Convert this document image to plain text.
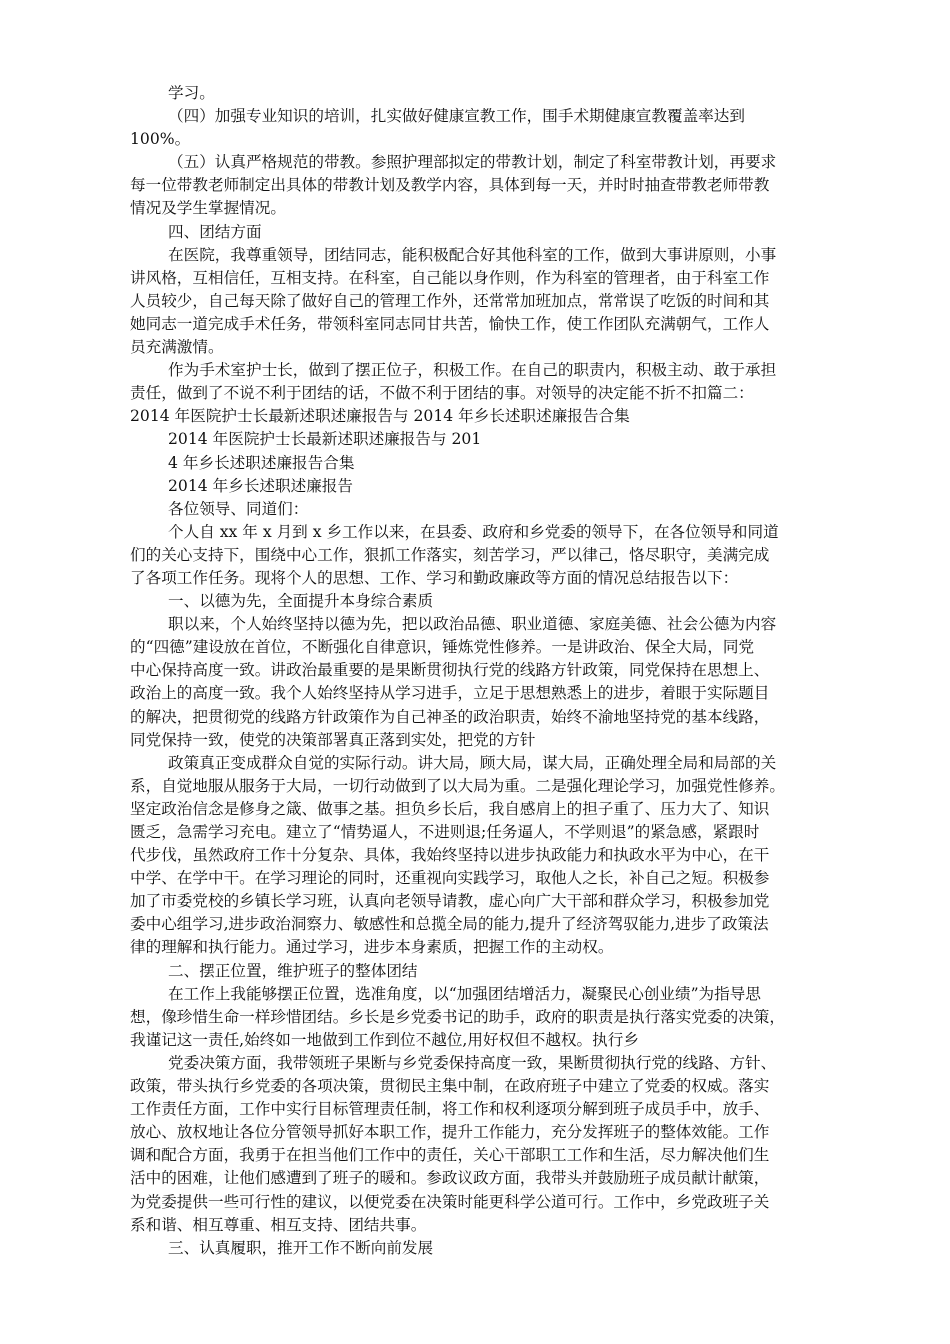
学习。
（四）加强专业知识的培训，扎实做好健康宣教工作，围手术期健康宣教覆盖率达到
100%。
（五）认真严格规范的带教。参照护理部拟定的带教计划，制定了科室带教计划，再要求
每一位带教老师制定出具体的带教计划及教学内容，具体到每一天，并时时抽查带教老师带教
情况及学生掌握情况。
四、团结方面
在医院，我尊重领导，团结同志，能积极配合好其他科室的工作，做到大事讲原则，小事
讲风格，互相信任，互相支持。在科室，自己能以身作则，作为科室的管理者，由于科室工作
人员较少，自己每天除了做好自己的管理工作外，还常常加班加点，常常误了吃饭的时间和其
她同志一道完成手术任务，带领科室同志同甘共苦，愉快工作，使工作团队充满朝气，工作人
员充满激情。
作为手术室护士长，做到了摆正位子，积极工作。在自己的职责内，积极主动、敢于承担
责任，做到了不说不利于团结的话，不做不利于团结的事。对领导的决定能不折不扣篇二：
2014 年医院护士长最新述职述廉报告与 2014 年乡长述职述廉报告合集
2014 年医院护士长最新述职述廉报告与 201
4 年乡长述职述廉报告合集
2014 年乡长述职述廉报告
各位领导、同道们：
个人自 xx 年 x 月到 x 乡工作以来，在县委、政府和乡党委的领导下，在各位领导和同道
们的关心支持下，围绕中心工作，狠抓工作落实，刻苦学习，严以律己，恪尽职守，美满完成
了各项工作任务。现将个人的思想、工作、学习和勤政廉政等方面的情况总结报告以下：
一、以德为先，全面提升本身综合素质
职以来，个人始终坚持以德为先，把以政治品德、职业道德、家庭美德、社会公德为内容
的“四德”建设放在首位，不断强化自律意识，锤炼党性修养。一是讲政治、保全大局，同党
中心保持高度一致。讲政治最重要的是果断贯彻执行党的线路方针政策，同党保持在思想上、
政治上的高度一致。我个人始终坚持从学习进手，立足于思想熟悉上的进步，着眼于实际题目
的解决，把贯彻党的线路方针政策作为自己神圣的政治职责，始终不渝地坚持党的基本线路，
同党保持一致，使党的决策部署真正落到实处，把党的方针
政策真正变成群众自觉的实际行动。讲大局，顾大局，谋大局，正确处理全局和局部的关
系，自觉地服从服务于大局，一切行动做到了以大局为重。二是强化理论学习，加强党性修养。
坚定政治信念是修身之箴、做事之基。担负乡长后，我自感肩上的担子重了、压力大了、知识
匮乏，急需学习充电。建立了“情势逼人，不进则退;任务逼人，不学则退”的紧急感，紧跟时
代步伐，虽然政府工作十分复杂、具体，我始终坚持以进步执政能力和执政水平为中心，在干
中学、在学中干。在学习理论的同时，还重视向实践学习，取他人之长，补自己之短。积极参
加了市委党校的乡镇长学习班，认真向老领导请教，虚心向广大干部和群众学习，积极参加党
委中心组学习,进步政治洞察力、敏感性和总揽全局的能力,提升了经济驾驭能力,进步了政策法
律的理解和执行能力。通过学习，进步本身素质，把握工作的主动权。
二、摆正位置，维护班子的整体团结
在工作上我能够摆正位置，选准角度，以“加强团结增活力，凝聚民心创业绩”为指导思
想，像珍惜生命一样珍惜团结。乡长是乡党委书记的助手，政府的职责是执行落实党委的决策，
我谨记这一责任,始终如一地做到工作到位不越位,用好权但不越权。执行乡
党委决策方面，我带领班子果断与乡党委保持高度一致，果断贯彻执行党的线路、方针、
政策，带头执行乡党委的各项决策，贯彻民主集中制，在政府班子中建立了党委的权威。落实
工作责任方面，工作中实行目标管理责任制，将工作和权利逐项分解到班子成员手中，放手、
放心、放权地让各位分管领导抓好本职工作，提升工作能力，充分发挥班子的整体效能。工作
调和配合方面，我勇于在担当他们工作中的责任，关心干部职工工作和生活，尽力解决他们生
活中的困难，让他们感遭到了班子的暖和。参政议政方面，我带头并鼓励班子成员献计献策，
为党委提供一些可行性的建议，以便党委在决策时能更科学公道可行。工作中，乡党政班子关
系和谐、相互尊重、相互支持、团结共事。
三、认真履职，推开工作不断向前发展
